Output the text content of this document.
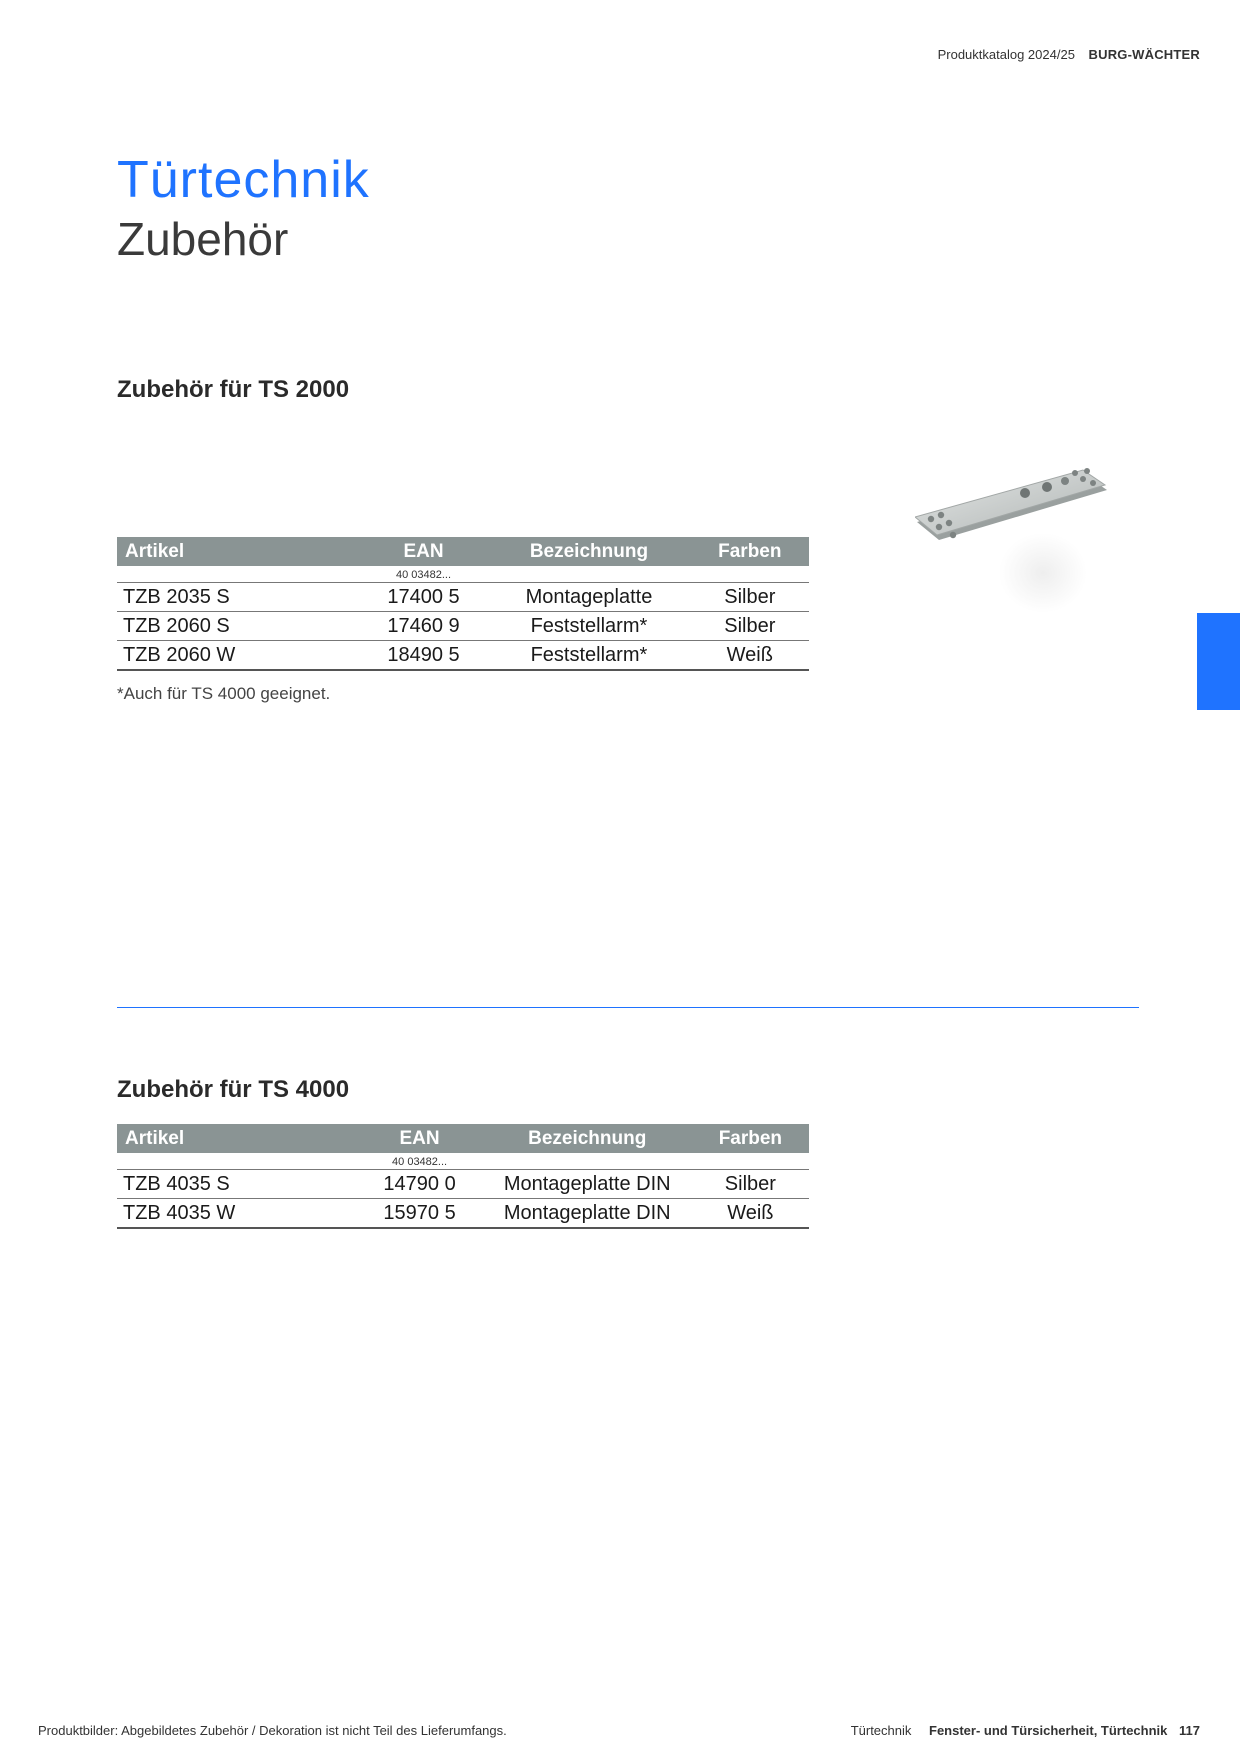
Produktkatalog 2024/25 BURG-WÄCHTER
Türtechnik
Zubehör
Zubehör für TS 2000
Artikel	EAN	Bezeichnung	Farben
	40 03482...		
TZB 2035 S	17400 5	Montageplatte	Silber
TZB 2060 S	17460 9	Feststellarm*	Silber
TZB 2060 W	18490 5	Feststellarm*	Weiß
*Auch für TS 4000 geeignet.
Zubehör für TS 4000
Artikel	EAN	Bezeichnung	Farben
	40 03482...		
TZB 4035 S	14790 0	Montageplatte DIN	Silber
TZB 4035 W	15970 5	Montageplatte DIN	Weiß
Produktbilder: Abgebildetes Zubehör / Dekoration ist nicht Teil des Lieferumfangs.	Türtechnik Fenster- und Türsicherheit, Türtechnik 117
